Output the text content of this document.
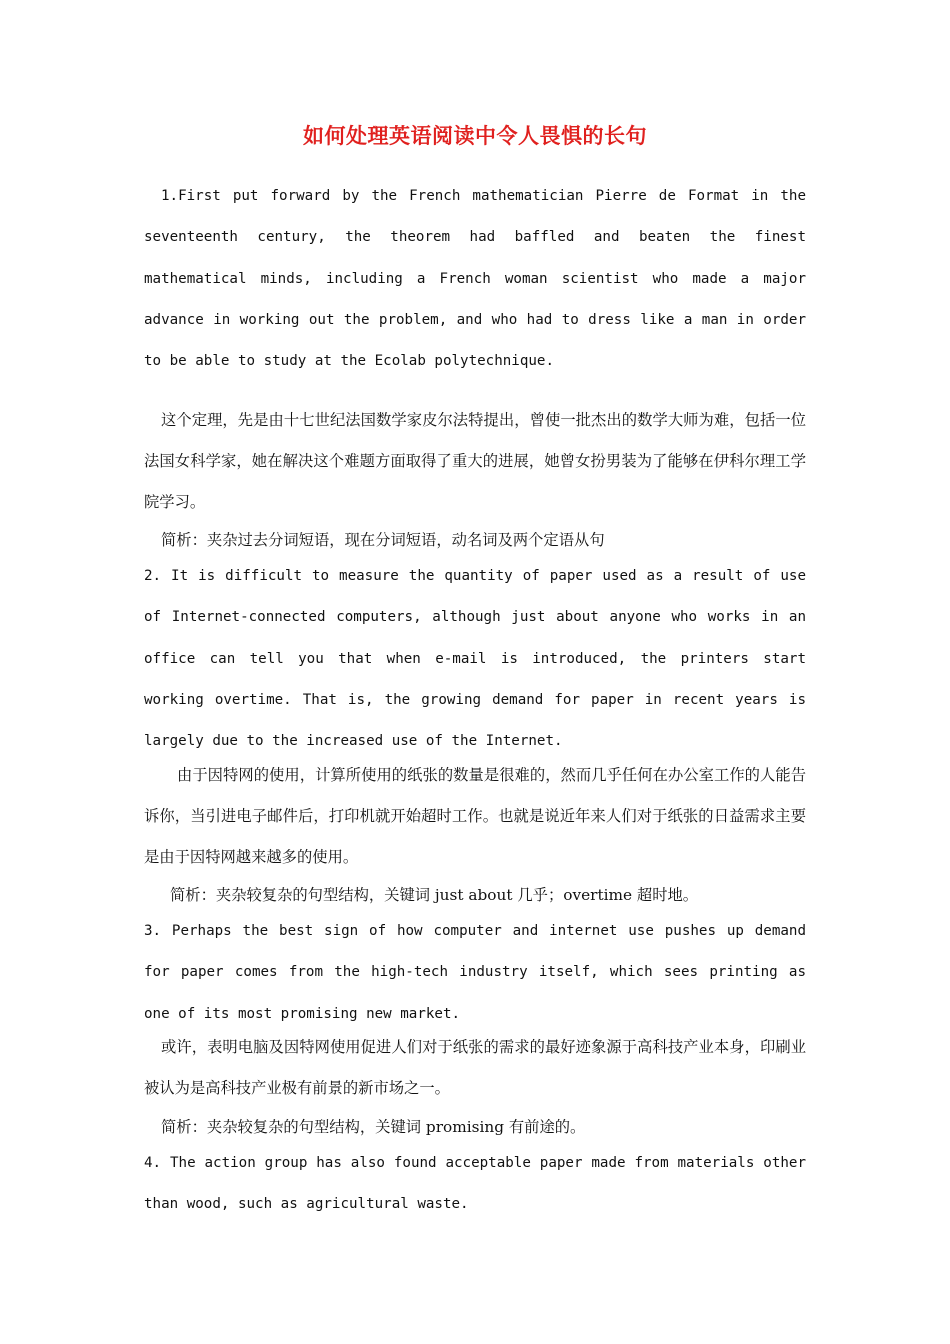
如何处理英语阅读中令人畏惧的长句
1.First put forward by the French mathematician Pierre de Format in the seventeenth century, the theorem had baffled and beaten the finest mathematical minds, including a French woman scientist who made a major advance in working out the problem, and who had to dress like a man in order to be able to study at the Ecolab polytechnique.
这个定理，先是由十七世纪法国数学家皮尔法特提出，曾使一批杰出的数学大师为难，包括一位法国女科学家，她在解决这个难题方面取得了重大的进展，她曾女扮男装为了能够在伊科尔理工学院学习。
简析：夹杂过去分词短语，现在分词短语，动名词及两个定语从句
2. It is difficult to measure the quantity of paper used as a result of use of Internet-connected computers, although just about anyone who works in an office can tell you that when e-mail is introduced, the printers start working overtime. That is, the growing demand for paper in recent years is largely due to the increased use of the Internet.
由于因特网的使用，计算所使用的纸张的数量是很难的，然而几乎任何在办公室工作的人能告诉你，当引进电子邮件后，打印机就开始超时工作。也就是说近年来人们对于纸张的日益需求主要是由于因特网越来越多的使用。
简析：夹杂较复杂的句型结构，关键词 just about 几乎；overtime 超时地。
3. Perhaps the best sign of how computer and internet use pushes up demand for paper comes from the high-tech industry itself, which sees printing as one of its most promising new market.
或许，表明电脑及因特网使用促进人们对于纸张的需求的最好迹象源于高科技产业本身，印刷业被认为是高科技产业极有前景的新市场之一。
简析：夹杂较复杂的句型结构，关键词 promising 有前途的。
4. The action group has also found acceptable paper made from materials other than wood, such as agricultural waste.
